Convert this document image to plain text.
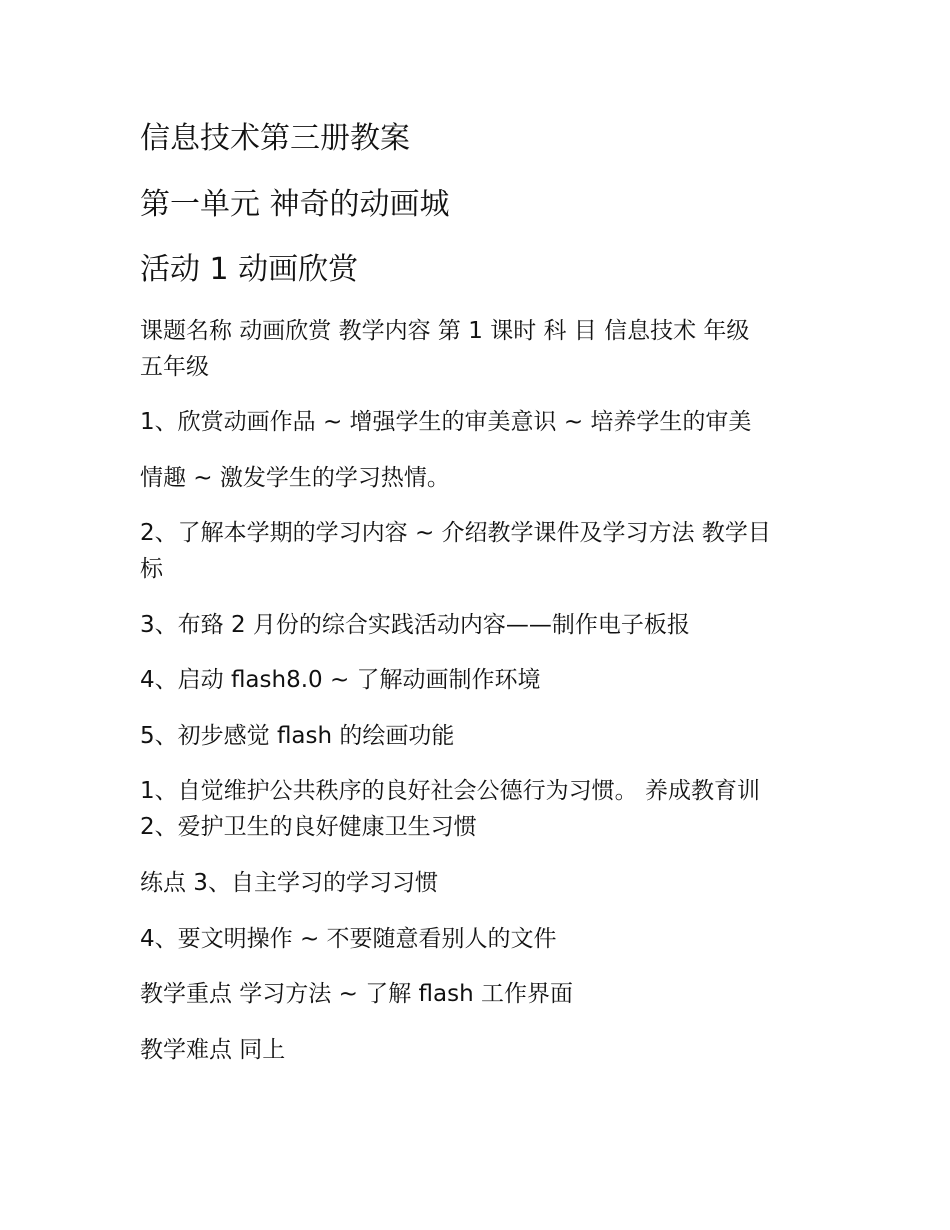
信息技术第三册教案
第一单元 神奇的动画城
活动 1 动画欣赏
课题名称 动画欣赏 教学内容 第 1 课时 科 目 信息技术 年级
五年级
1、欣赏动画作品 ~ 增强学生的审美意识 ~ 培养学生的审美
情趣 ~ 激发学生的学习热情。
2、了解本学期的学习内容 ~ 介绍教学课件及学习方法 教学目
标
3、布臵 2 月份的综合实践活动内容——制作电子板报
4、启动 flash8.0 ~ 了解动画制作环境
5、初步感觉 flash 的绘画功能
1、自觉维护公共秩序的良好社会公德行为习惯。 养成教育训
2、爱护卫生的良好健康卫生习惯
练点 3、自主学习的学习习惯
4、要文明操作 ~ 不要随意看别人的文件
教学重点 学习方法 ~ 了解 flash 工作界面
教学难点 同上
